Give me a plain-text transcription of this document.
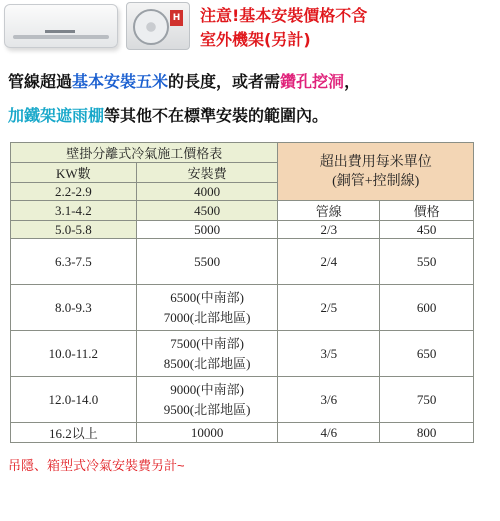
H 注意!基本安裝價格不含
室外機架(另計)
管線超過基本安裝五米的長度，或者需鑽孔挖洞，
加鐵架遮雨棚等其他不在標準安裝的範圍內。
壁掛分離式冷氣施工價格表		超出費用每米單位
(銅管+控制線)	

KW數	安裝費		
2.2-2.9	4000		
3.1-4.2	4500	管線	價格
5.0-5.8	5000	2/3	450
6.3-7.5	5500	2/4	550
8.0-9.3	6500(中南部)
7000(北部地區)	2/5	600
10.0-11.2	7500(中南部)
8500(北部地區)	3/5	650
12.0-14.0	9000(中南部)
9500(北部地區)	3/6	750
16.2以上	10000	4/6	800
吊隱、箱型式冷氣安裝費另計~
